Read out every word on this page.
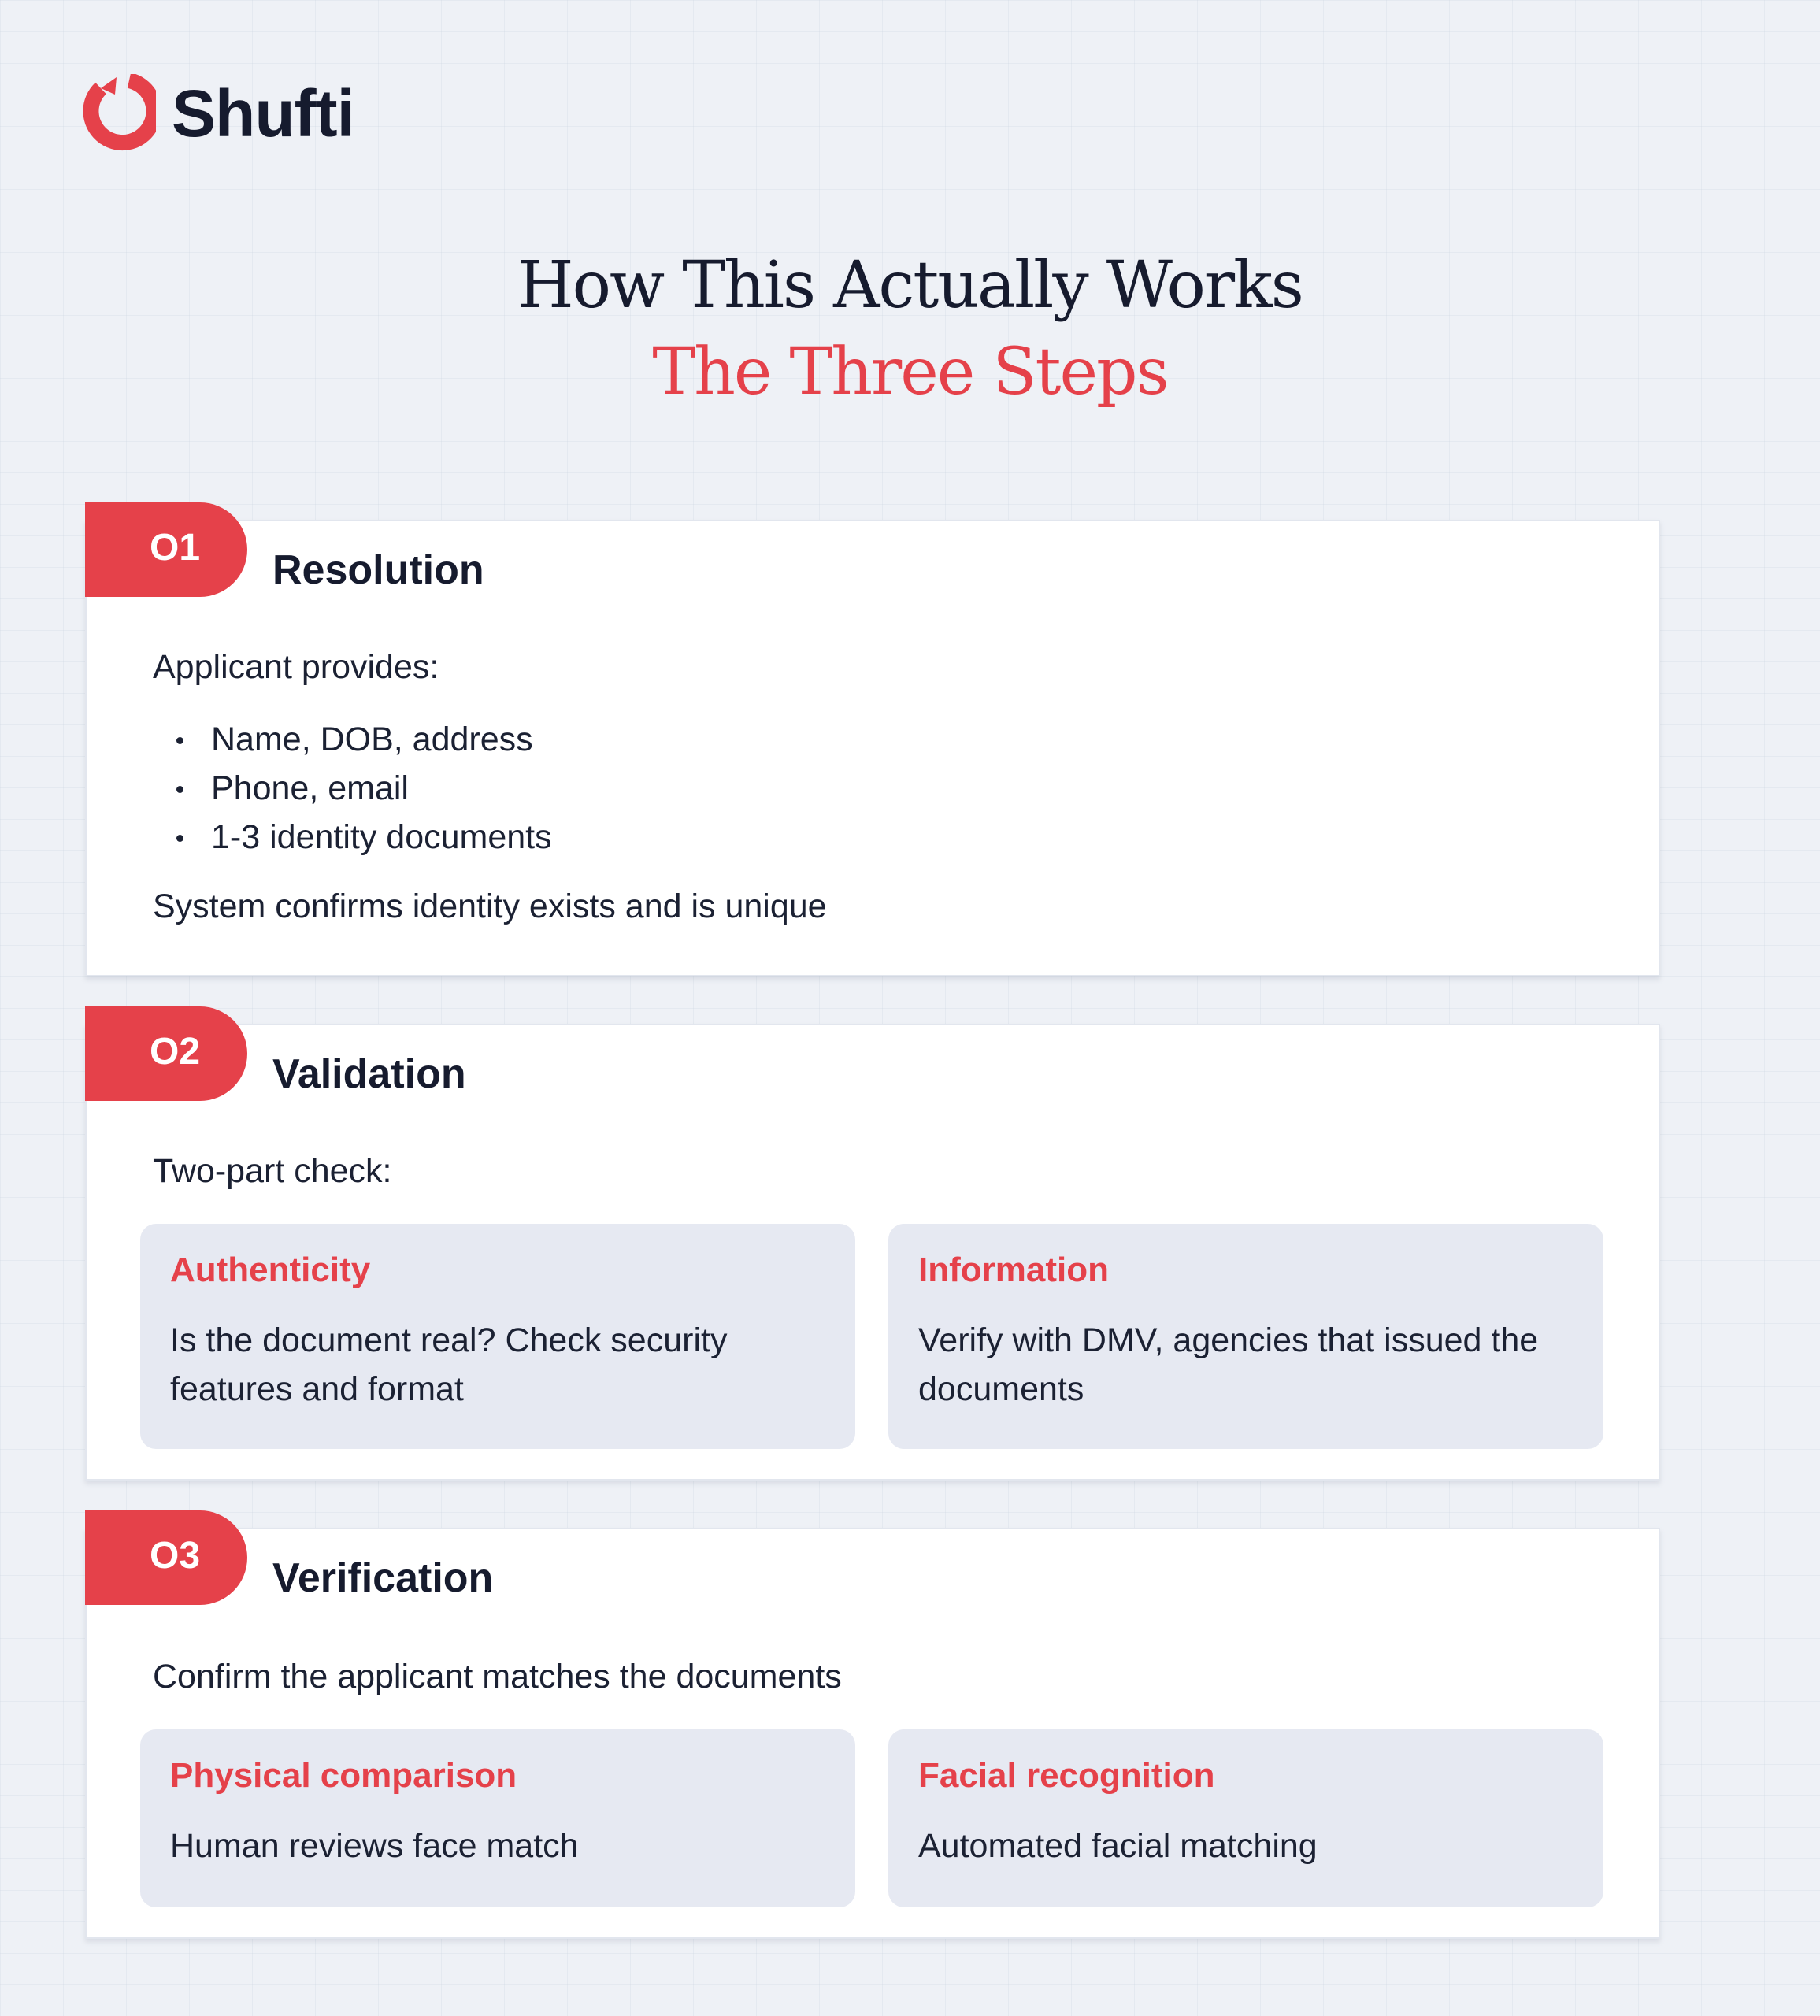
Shufti
How This Actually Works
The Three Steps
O1	Resolution
Applicant provides:
Name, DOB, address
Phone, email
1-3 identity documents
System confirms identity exists and is unique
O2	Validation
Two-part check:
Authenticity
Is the document real? Check security features and format
Information
Verify with DMV, agencies that issued the documents
O3	Verification
Confirm the applicant matches the documents
Physical comparison
Human reviews face match
Facial recognition
Automated facial matching
